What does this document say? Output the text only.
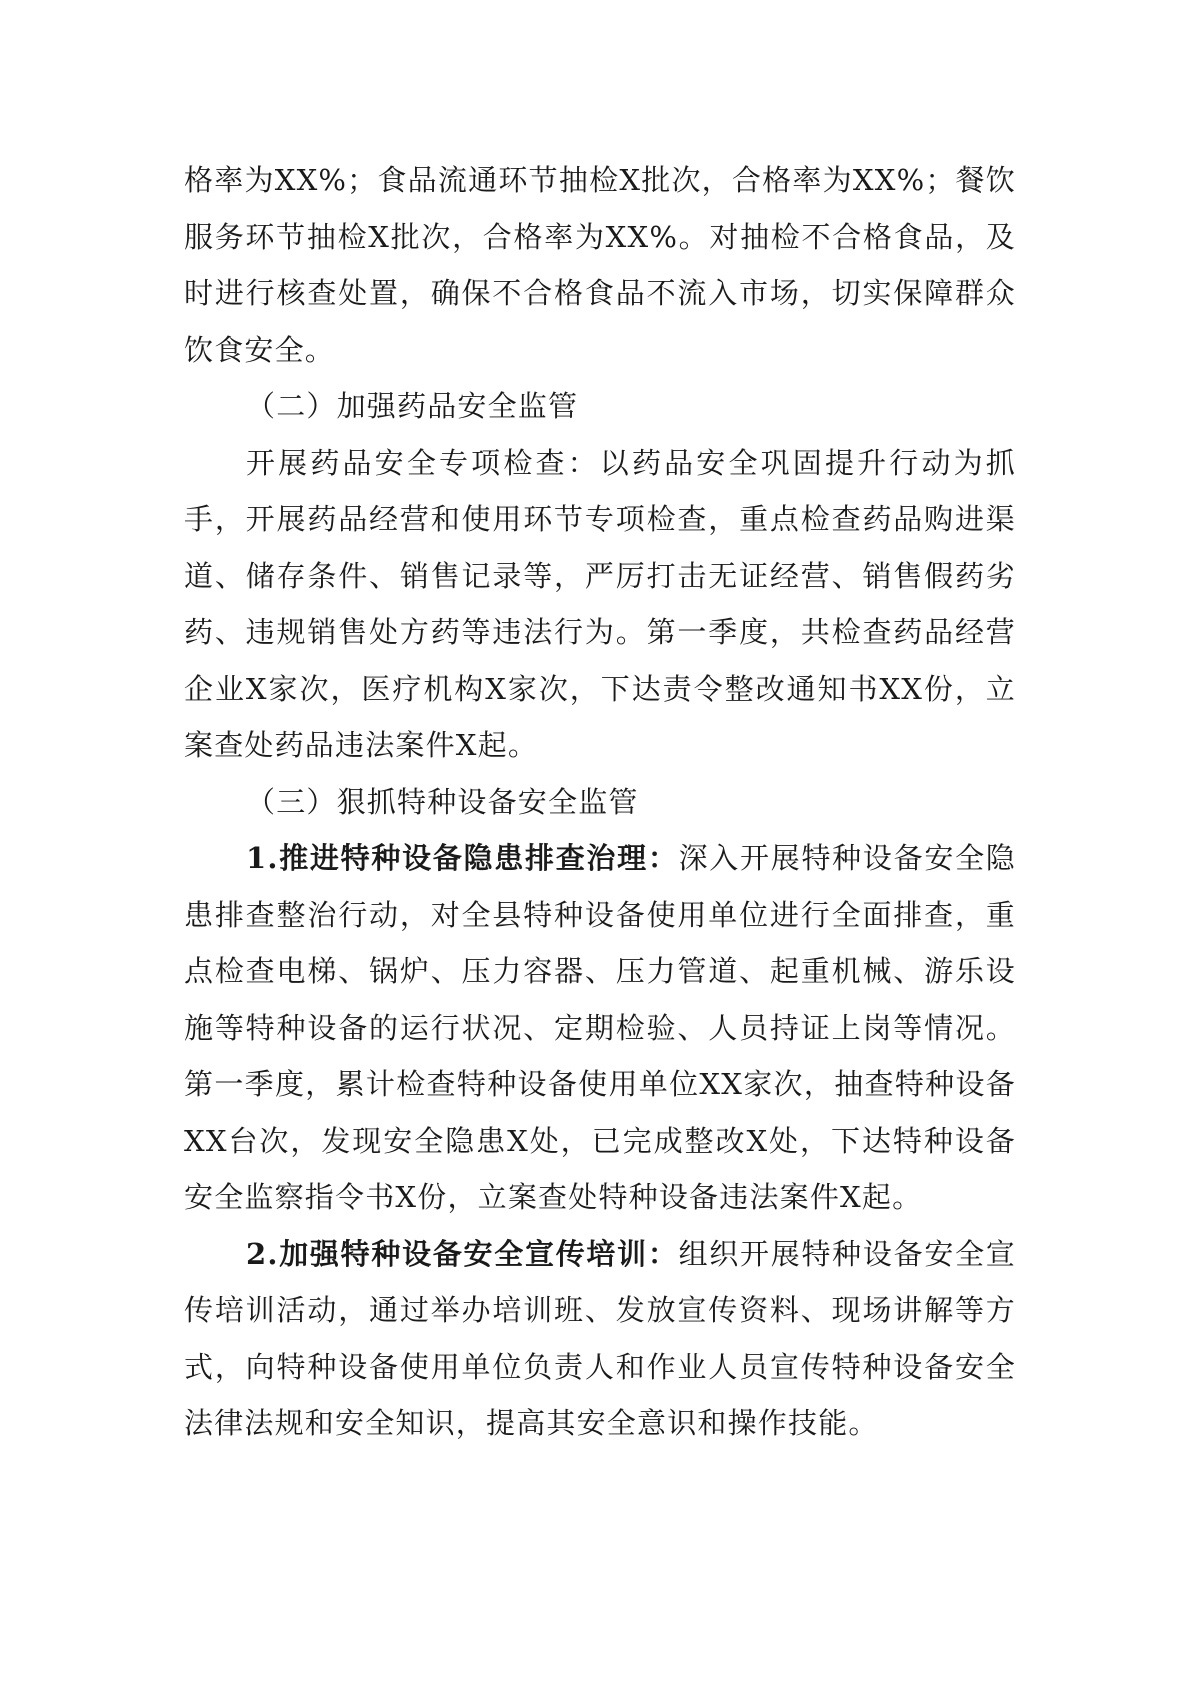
格率为XX%；食品流通环节抽检X批次，合格率为XX%；餐饮服务环节抽检X批次，合格率为XX%。对抽检不合格食品，及时进行核查处置，确保不合格食品不流入市场，切实保障群众饮食安全。

（二）加强药品安全监管

开展药品安全专项检查：以药品安全巩固提升行动为抓手，开展药品经营和使用环节专项检查，重点检查药品购进渠道、储存条件、销售记录等，严厉打击无证经营、销售假药劣药、违规销售处方药等违法行为。第一季度，共检查药品经营企业X家次，医疗机构X家次，下达责令整改通知书XX份，立案查处药品违法案件X起。

（三）狠抓特种设备安全监管

1.推进特种设备隐患排查治理：深入开展特种设备安全隐患排查整治行动，对全县特种设备使用单位进行全面排查，重点检查电梯、锅炉、压力容器、压力管道、起重机械、游乐设施等特种设备的运行状况、定期检验、人员持证上岗等情况。第一季度，累计检查特种设备使用单位XX家次，抽查特种设备XX台次，发现安全隐患X处，已完成整改X处，下达特种设备安全监察指令书X份，立案查处特种设备违法案件X起。

2.加强特种设备安全宣传培训：组织开展特种设备安全宣传培训活动，通过举办培训班、发放宣传资料、现场讲解等方式，向特种设备使用单位负责人和作业人员宣传特种设备安全法律法规和安全知识，提高其安全意识和操作技能。
